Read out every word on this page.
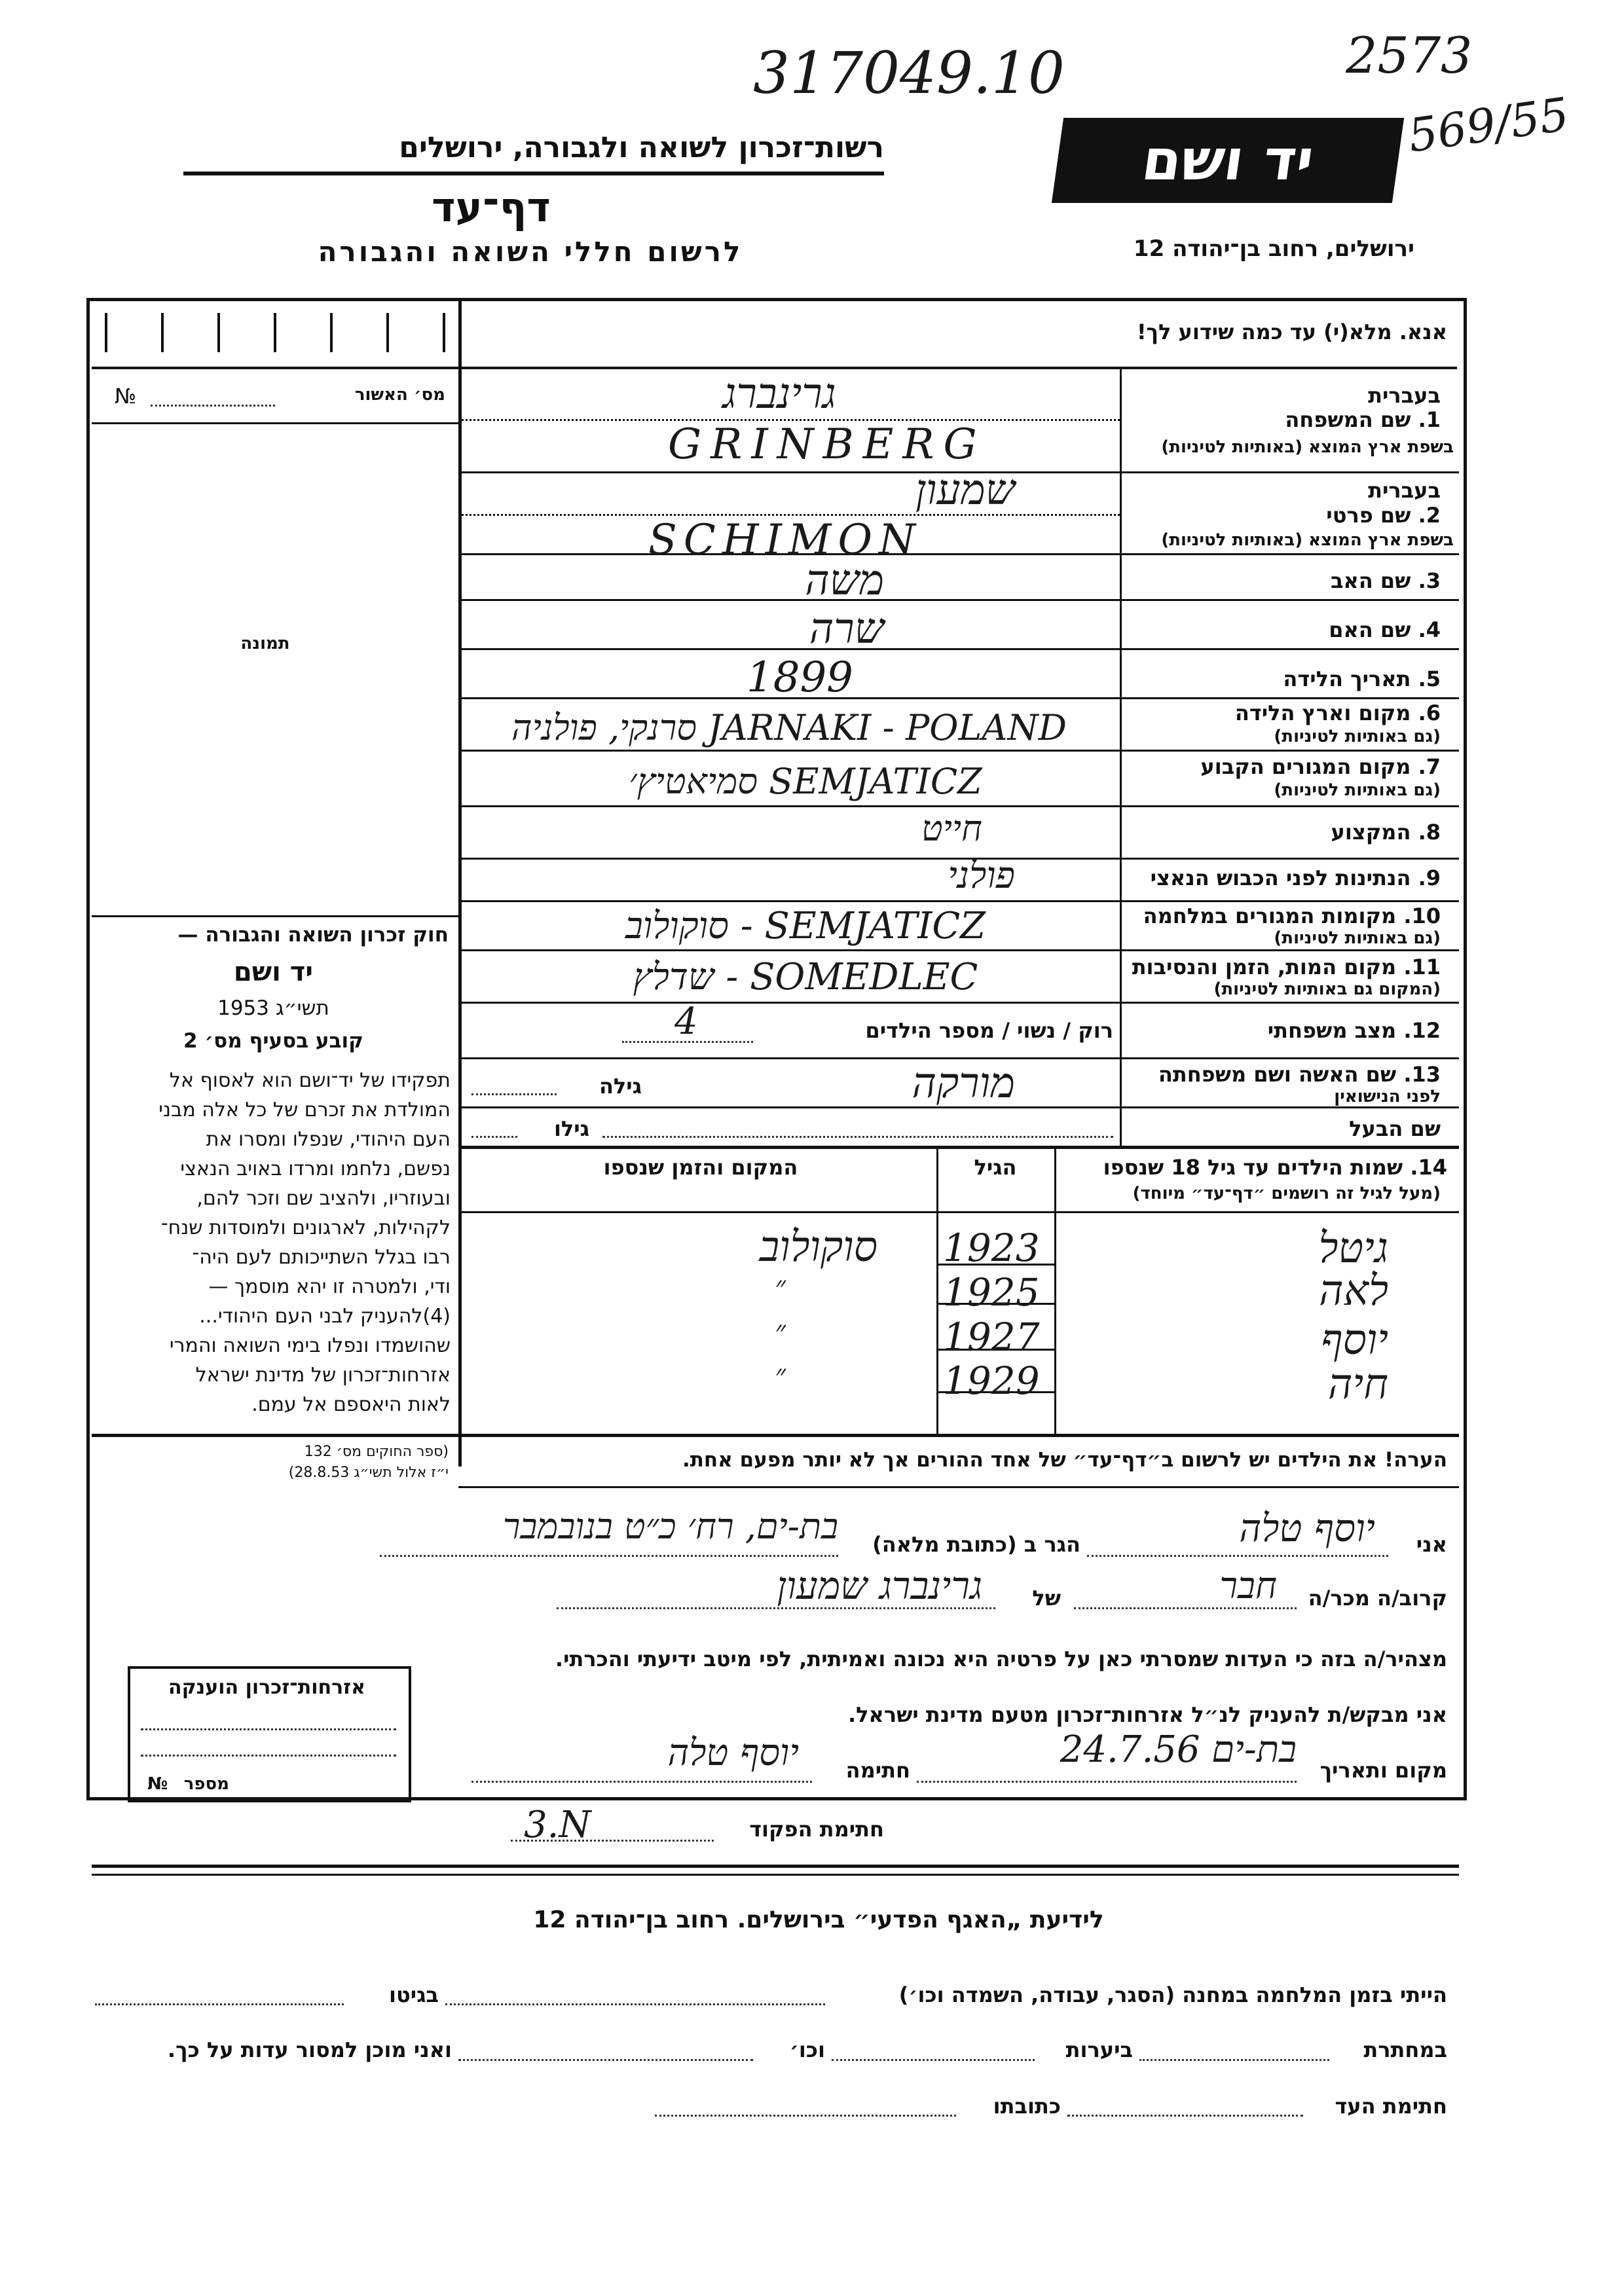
317049.10	2573
569/55
רשות־זכרון לשואה ולגבורה, ירושלים
דף־עד
לרשום חללי השואה והגבורה
יד ושם
ירושלים, רחוב בן־יהודה 12
מס׳ האשור
№
תמונה
חוק זכרון השואה והגבורה —
יד ושם
תשי״ג 1953
קובע בסעיף מס׳ 2
תפקידו של יד־ושם הוא לאסוף אל
המולדת את זכרם של כל אלה מבני
העם היהודי, שנפלו ומסרו את
נפשם, נלחמו ומרדו באויב הנאצי
ובעוזריו, ולהציב שם וזכר להם,
לקהילות, לארגונים ולמוסדות שנח־
רבו בגלל השתייכותם לעם היה־
ודי, ולמטרה זו יהא מוסמך —
(4)להעניק לבני העם היהודי...
שהושמדו ונפלו בימי השואה והמרי
אזרחות־זכרון של מדינת ישראל
לאות היאספם אל עמם.
(ספר החוקים מס׳ 132
י״ז אלול תשי״ג 28.8.53)
אנא. מלא(י) עד כמה שידוע לך!
בעברית
1. שם המשפחה
בשפת ארץ המוצא (באותיות לטיניות)
גרינברג
GRINBERG
בעברית
2. שם פרטי
בשפת ארץ המוצא (באותיות לטיניות)
שמעון
SCHIMON
3. שם האב
משה
4. שם האם
שרה
5. תאריך הלידה
1899
6. מקום וארץ הלידה
(גם באותיות לטיניות)
JARNAKI - POLAND סרנקי, פולניה
7. מקום המגורים הקבוע
(גם באותיות לטיניות)
SEMJATICZ סמיאטיץ׳
8. המקצוע
חייט
9. הנתינות לפני הכבוש הנאצי
פולני
10. מקומות המגורים במלחמה
(גם באותיות לטיניות)
SEMJATICZ - סוקולוב
11. מקום המות, הזמן והנסיבות
(המקום גם באותיות לטיניות)
SOMEDLEC - שדלץ
12. מצב משפחתי
רוק / נשוי / מספר הילדים
4
13. שם האשה ושם משפחתה
לפני הנישואין
מורקה
גילה
שם הבעל
גילו
14. שמות הילדים עד גיל 18 שנספו
(מעל לגיל זה רושמים ״דף־עד״ מיוחד)
הגיל
המקום והזמן שנספו
גיטל
1923
סוקולוב
לאה
1925
״
יוסף
1927
״
חיה
1929
״
הערה! את הילדים יש לרשום ב״דף־עד״ של אחד ההורים אך לא יותר מפעם אחת.
אני
יוסף טלה
הגר ב (כתובת מלאה)
בת-ים, רח׳ כ״ט בנובמבר
קרוב/ה מכר/ה
חבר
של
גרינברג שמעון
מצהיר/ה בזה כי העדות שמסרתי כאן על פרטיה היא נכונה ואמיתית, לפי מיטב ידיעתי והכרתי.
אני מבקש/ת להעניק לנ״ל אזרחות־זכרון מטעם מדינת ישראל.
מקום ותאריך
בת-ים 24.7.56
חתימה
יוסף טלה
חתימת הפקוד
3.N
אזרחות־זכרון הוענקה
מספר
№
לידיעת „האגף הפדעי״ בירושלים. רחוב בן־יהודה 12
הייתי בזמן המלחמה במחנה (הסגר, עבודה, השמדה וכו׳)
בגיטו
במחתרת
ביערות
וכו׳
ואני מוכן למסור עדות על כך.
חתימת העד
כתובתו
